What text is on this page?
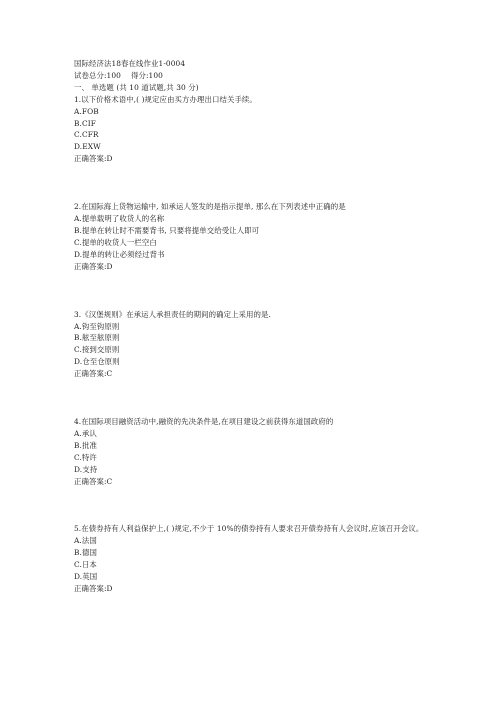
国际经济法18春在线作业1-0004
试卷总分:100 得分:100
一、 单选题 (共 10 道试题,共 30 分)
1.以下价格术语中,( )规定应由买方办理出口结关手续。
A.FOB
B.CIF
C.CFR
D.EXW
正确答案:D
2.在国际海上货物运输中, 如承运人签发的是指示提单, 那么在下列表述中正确的是
A.提单载明了收货人的名称
B.提单在转让时不需要背书, 只要将提单交给受让人即可
C.提单的收货人一栏空白
D.提单的转让必须经过背书
正确答案:D
3.《汉堡规则》在承运人承担责任的期间的确定上采用的是.
A.钩至钩原则
B.舷至舷原则
C.接到交原则
D.仓至仓原则
正确答案:C
4.在国际项目融资活动中,融资的先决条件是,在项目建设之前获得东道国政府的
A.承认
B.批准
C.特许
D.支持
正确答案:C
5.在债券持有人利益保护上,( )规定,不少于 10%的债券持有人要求召开债券持有人会议时,应该召开会议。
A.法国
B.德国
C.日本
D.英国
正确答案:D
